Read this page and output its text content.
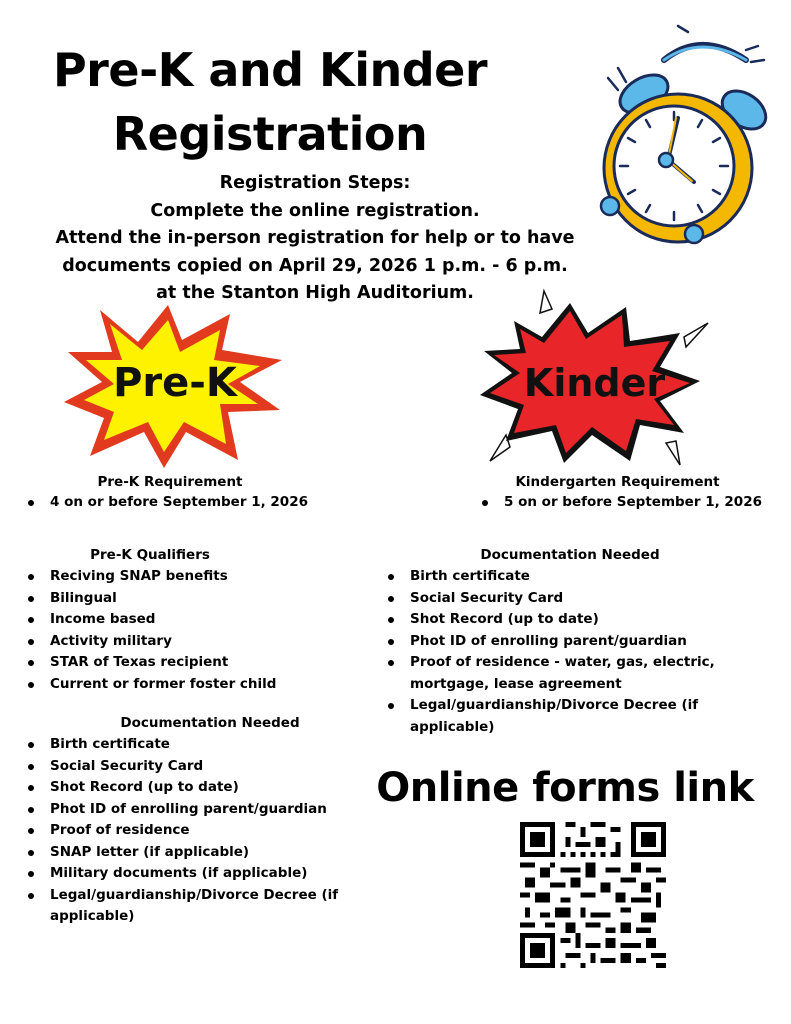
Pre-K and Kinder
Registration
Registration Steps:
Complete the online registration.
Attend the in-person registration for help or to have
documents copied on April 29, 2026 1 p.m. - 6 p.m.
at the Stanton High Auditorium.
Pre-K	Kinder
Pre-K Requirement
4 on or before September 1, 2026
Kindergarten Requirement
5 on or before September 1, 2026
Pre-K Qualifiers
Reciving SNAP benefits
Bilingual
Income based
Activity military
STAR of Texas recipient
Current or former foster child
Documentation Needed
Birth certificate
Social Security Card
Shot Record (up to date)
Phot ID of enrolling parent/guardian
Proof of residence
SNAP letter (if applicable)
Military documents (if applicable)
Legal/guardianship/Divorce Decree (if applicable)
Documentation Needed
Birth certificate
Social Security Card
Shot Record (up to date)
Phot ID of enrolling parent/guardian
Proof of residence - water, gas, electric, mortgage, lease agreement
Legal/guardianship/Divorce Decree (if applicable)
Online forms link
